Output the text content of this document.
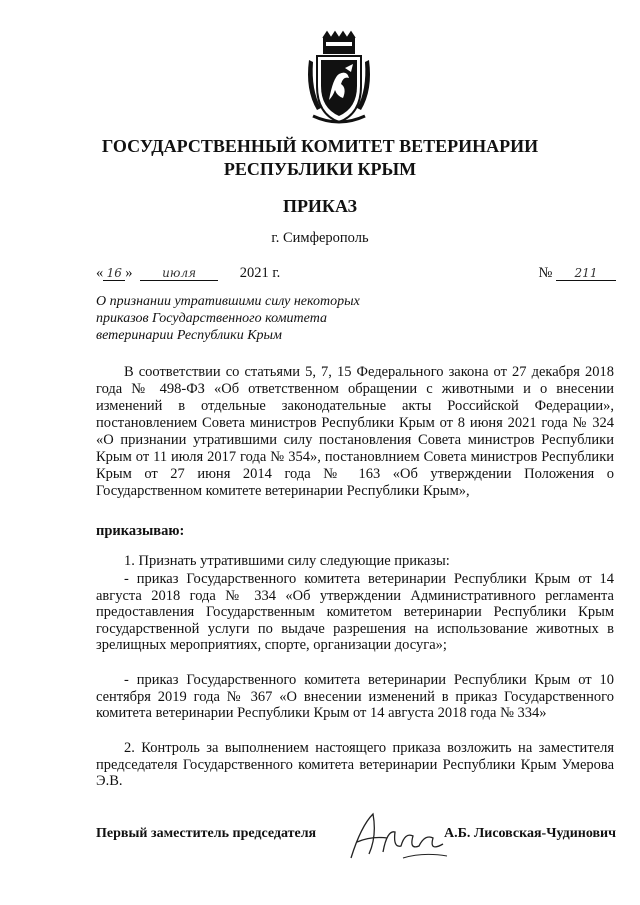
ГОСУДАРСТВЕННЫЙ КОМИТЕТ ВЕТЕРИНАРИИ
РЕСПУБЛИКИ КРЫМ
ПРИКАЗ
г. Симферополь
« 16 » июля	2021 г.	№ 211
О признании утратившими силу некоторых приказов Государственного комитета ветеринарии Республики Крым
В соответствии со статьями 5, 7, 15 Федерального закона от 27 декабря 2018 года № 498-ФЗ «Об ответственном обращении с животными и о внесении изменений в отдельные законодательные акты Российской Федерации», постановлением Совета министров Республики Крым от 8 июня 2021 года № 324 «О признании утратившими силу постановления Совета министров Республики Крым от 11 июля 2017 года № 354», постановлнием Совета министров Республики Крым от 27 июня 2014 года № 163 «Об утверждении Положения о Государственном комитете ветеринарии Республики Крым»,
приказываю:
1. Признать утратившими силу следующие приказы:
- приказ Государственного комитета ветеринарии Республики Крым от 14 августа 2018 года № 334 «Об утверждении Административного регламента предоставления Государственным комитетом ветеринарии Республики Крым государственной услуги по выдаче разрешения на использование животных в зрелищных мероприятиях, спорте, организации досуга»;
- приказ Государственного комитета ветеринарии Республики Крым от 10 сентября 2019 года № 367 «О внесении изменений в приказ Государственного комитета ветеринарии Республики Крым от 14 августа 2018 года № 334»
2. Контроль за выполнением настоящего приказа возложить на заместителя председателя Государственного комитета ветеринарии Республики Крым Умерова Э.В.
Первый заместитель председателя	А.Б. Лисовская-Чудинович
